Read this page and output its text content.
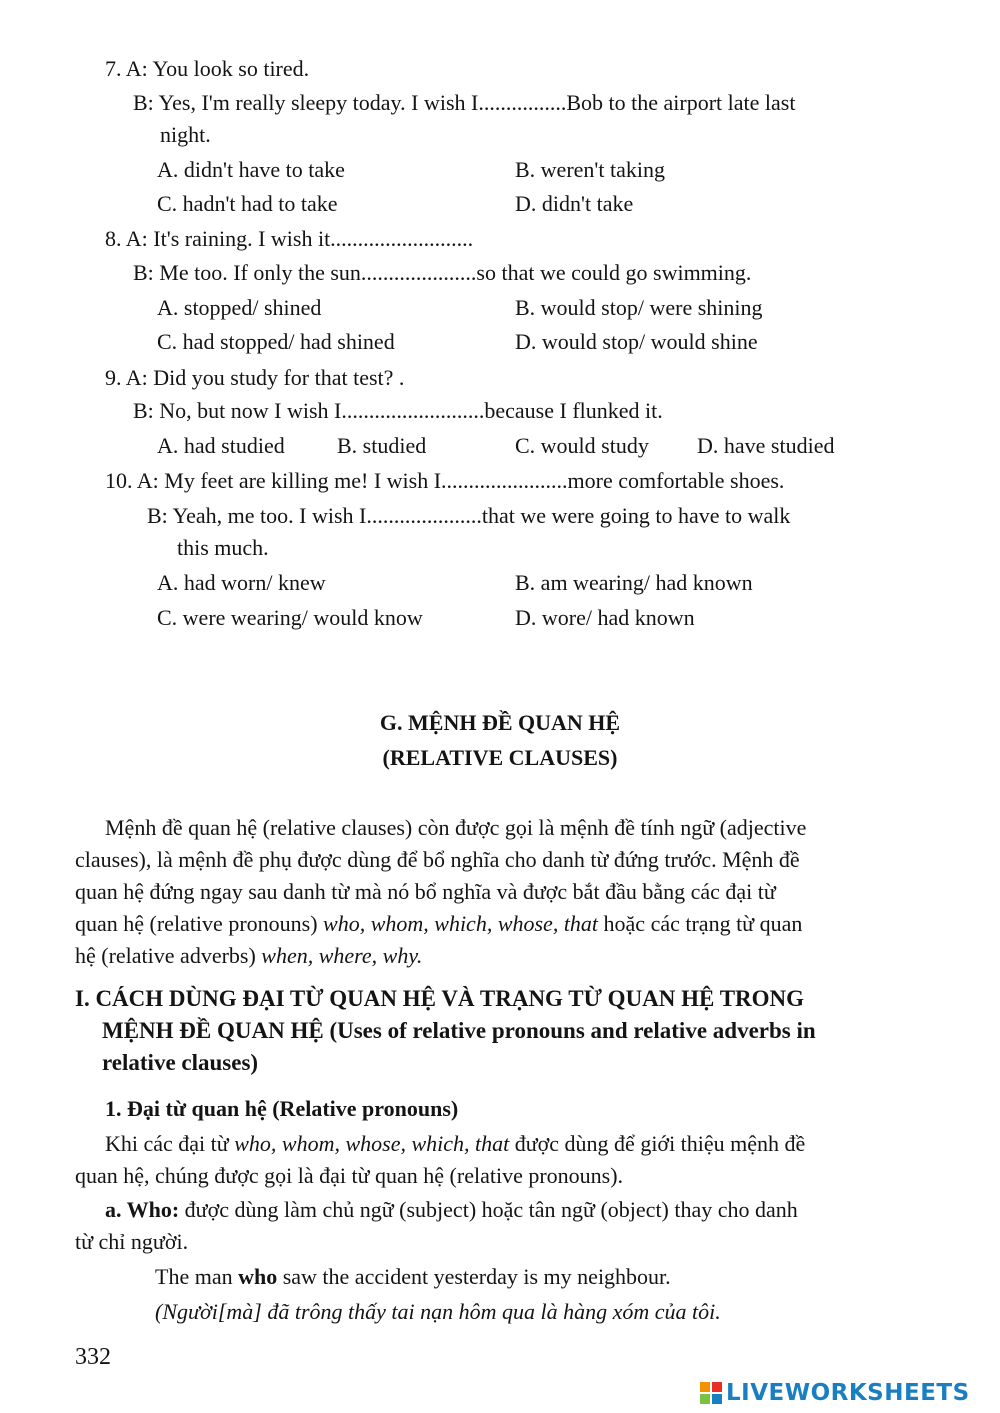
7. A: You look so tired.
B: Yes, I'm really sleepy today. I wish I................Bob to the airport late last
night.
A. didn't have to take	B. weren't taking
C. hadn't had to take	D. didn't take
8. A: It's raining. I wish it..........................
B: Me too. If only the sun.....................so that we could go swimming.
A. stopped/ shined	B. would stop/ were shining
C. had stopped/ had shined	D. would stop/ would shine
9. A: Did you study for that test? .
B: No, but now I wish I..........................because I flunked it.
A. had studied B. studied	C. would study D. have studied
10. A: My feet are killing me! I wish I.......................more comfortable shoes.
B: Yeah, me too. I wish I.....................that we were going to have to walk
this much.
A. had worn/ knew	B. am wearing/ had known
C. were wearing/ would know	D. wore/ had known
G. MỆNH ĐỀ QUAN HỆ
(RELATIVE CLAUSES)
Mệnh đề quan hệ (relative clauses) còn được gọi là mệnh đề tính ngữ (adjective
clauses), là mệnh đề phụ được dùng để bổ nghĩa cho danh từ đứng trước. Mệnh đề
quan hệ đứng ngay sau danh từ mà nó bổ nghĩa và được bắt đầu bằng các đại từ
quan hệ (relative pronouns) who, whom, which, whose, that hoặc các trạng từ quan
hệ (relative adverbs) when, where, why.
I. CÁCH DÙNG ĐẠI TỪ QUAN HỆ VÀ TRẠNG TỪ QUAN HỆ TRONG
MỆNH ĐỀ QUAN HỆ (Uses of relative pronouns and relative adverbs in
relative clauses)
1. Đại từ quan hệ (Relative pronouns)
Khi các đại từ who, whom, whose, which, that được dùng để giới thiệu mệnh đề
quan hệ, chúng được gọi là đại từ quan hệ (relative pronouns).
a. Who: được dùng làm chủ ngữ (subject) hoặc tân ngữ (object) thay cho danh
từ chỉ người.
The man who saw the accident yesterday is my neighbour.
(Người[mà] đã trông thấy tai nạn hôm qua là hàng xóm của tôi.
332
LIVEWORKSHEETS
